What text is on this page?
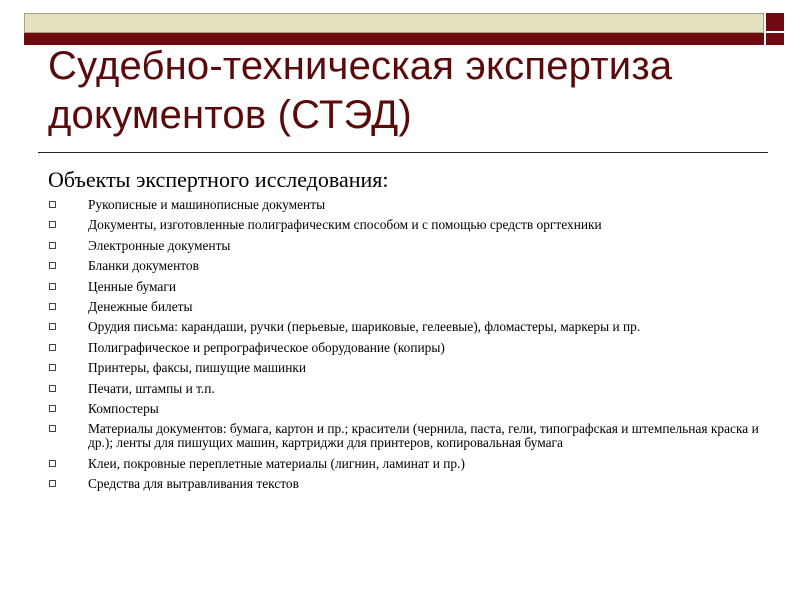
Судебно-техническая экспертиза
документов (СТЭД)

Объекты экспертного исследования:

Рукописные и машинописные документы
Документы, изготовленные полиграфическим способом и с помощью средств оргтехники
Электронные документы
Бланки документов
Ценные бумаги
Денежные билеты
Орудия письма: карандаши, ручки (перьевые, шариковые, гелеевые), фломастеры, маркеры и пр.
Полиграфическое и репрографическое оборудование (копиры)
Принтеры, факсы, пишущие машинки
Печати, штампы и т.п.
Компостеры
Материалы документов: бумага, картон и пр.; красители (чернила, паста, гели, типографская и штемпельная краска и др.); ленты для пишущих машин, картриджи для принтеров, копировальная бумага
Клеи, покровные переплетные материалы (лигнин, ламинат и пр.)
Средства для вытравливания текстов
